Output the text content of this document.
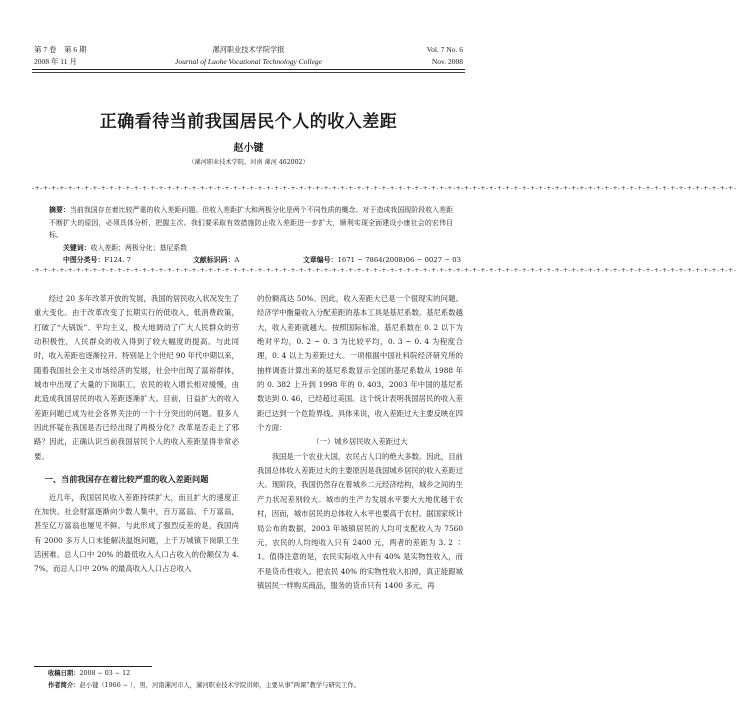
第 7 卷　第 6 期
2008 年 11 月
漯河职业技术学院学报
Journal of Luohe Vocational Technology College
Vol. 7 No. 6
Nov. 2008
正确看待当前我国居民个人的收入差距
赵小键
（漯河职业技术学院，河南 漯河 462002）
-+-+-+-+-+-+-+-+-+-+-+-+-+-+-+-+-+-+-+-+-+-+-+-+-+-+-+-+-+-+-+-+-+-+-+-+-+-+-+-+-+-+-+-+-+-+-+-+-+-+-+-+-+-+-+-+-+-+-+-+-+-+-+-+-+-+-+-+-+-+-+-+-+-+-+-+-+-+-+-+-+-+-+-+-+-
摘要：当前我国存在着比较严重的收入差距问题。但收入差距扩大和两极分化是两个不同性质的概念。对于造成我国现阶段收入差距不断扩大的原因，必须具体分析，把握主次。我们要采取有效措施防止收入差距进一步扩大，顺利实现全面建设小康社会的宏伟目标。
关键词：收入差距；两极分化；基尼系数
中图分类号：F124. 7	文献标识码：A	文章编号：1671 − 7864(2008)06 − 0027 − 03
-+-+-+-+-+-+-+-+-+-+-+-+-+-+-+-+-+-+-+-+-+-+-+-+-+-+-+-+-+-+-+-+-+-+-+-+-+-+-+-+-+-+-+-+-+-+-+-+-+-+-+-+-+-+-+-+-+-+-+-+-+-+-+-+-+-+-+-+-+-+-+-+-+-+-+-+-+-+-+-+-+-+-+-+-+-

经过 20 多年改革开放的发展，我国的居民收入状况发生了重大变化。由于改革改变了长期实行的低收入、低消费政策，打破了“大锅饭”、平均主义，极大地调动了广大人民群众的劳动积极性，人民群众的收入得到了较大幅度的提高。与此同时，收入差距也逐渐拉开。特别是上个世纪 90 年代中期以来，随着我国社会主义市场经济的发展，社会中出现了富裕群体，城市中出现了大量的下岗职工，农民的收入增长相对缓慢，由此造成我国居民的收入差距逐渐扩大。目前，日益扩大的收入差距问题已成为社会各界关注的一个十分突出的问题。很多人因此怀疑在我国是否已经出现了两极分化？改革是否走上了邪路？因此，正确认识当前我国居民个人的收入差距显得非常必要。

一、当前我国存在着比较严重的收入差距问题

近几年，我国居民收入差距持续扩大，而且扩大的速度正在加快。社会财富逐渐向少数人集中，百万富翁、千万富翁，甚至亿万富翁也屡见不鲜。与此形成了强烈反差的是，我国尚有 2000 多万人口未能解决温饱问题，上千万城镇下岗职工生活困难。总人口中 20% 的最低收入人口占收入的份额仅为 4. 7%，而总人口中 20% 的最高收入人口占总收入

的份额高达 50%。因此，收入差距大已是一个很现实的问题。经济学中衡量收入分配差距的基本工具是基尼系数。基尼系数越大，收入差距就越大。按照国际标准，基尼系数在 0. 2 以下为绝对平均，0. 2 ~ 0. 3 为比较平均，0. 3 ~ 0. 4 为程度合理，0. 4 以上为差距过大。一项根据中国社科院经济研究所的抽样调查计算出来的基尼系数显示全国的基尼系数从 1988 年的 0. 382 上升到 1998 年的 0. 403，2003 年中国的基尼系数达到 0. 46，已经超过美国。这个统计表明我国居民的收入差距已达到一个危险界线。具体来说，收入差距过大主要反映在四个方面：

（一）城乡居民收入差距过大

我国是一个农业大国，农民占人口的绝大多数。因此，目前我国总体收入差距过大的主要原因是我国城乡居民的收入差距过大。现阶段，我国仍然存在着城乡二元经济结构，城乡之间的生产力状况差别较大。城市的生产力发展水平要大大地优越于农村，因而，城市居民的总体收入水平也要高于农村。据国家统计局公布的数据，2003 年城镇居民的人均可支配收入为 7560 元，农民的人均纯收入只有 2400 元，两者的差距为 3. 2 ∶ 1。值得注意的是，农民实际收入中有 40% 是实物性收入，而不是货币性收入。把农民 40% 的实物性收入扣掉，真正能跟城镇居民一样购买商品，服务的货币只有 1400 多元，再

收稿日期：2008 − 03 − 12
作者简介：赵小键（1966 − ），男，河南漯河市人，漯河职业技术学院讲师，主要从事“两课”教学与研究工作。
